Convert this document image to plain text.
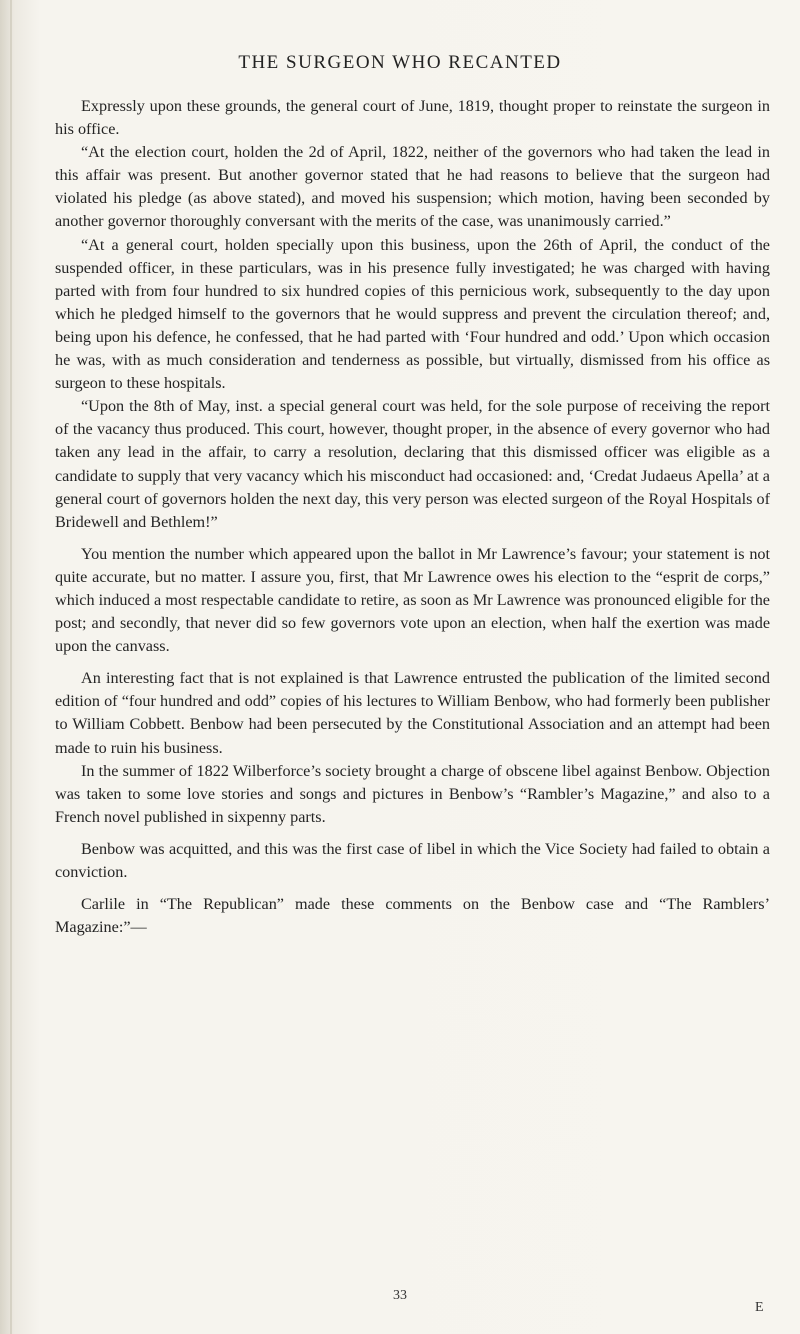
THE SURGEON WHO RECANTED

Expressly upon these grounds, the general court of June, 1819, thought proper to reinstate the surgeon in his office.

“At the election court, holden the 2d of April, 1822, neither of the governors who had taken the lead in this affair was present. But another governor stated that he had reasons to believe that the surgeon had violated his pledge (as above stated), and moved his suspension; which motion, having been seconded by another governor thoroughly conversant with the merits of the case, was unanimously carried.”

“At a general court, holden specially upon this business, upon the 26th of April, the conduct of the suspended officer, in these particulars, was in his presence fully investigated; he was charged with having parted with from four hundred to six hundred copies of this pernicious work, subsequently to the day upon which he pledged himself to the governors that he would suppress and prevent the circulation thereof; and, being upon his defence, he confessed, that he had parted with ‘Four hundred and odd.’ Upon which occasion he was, with as much consideration and tenderness as possible, but virtually, dismissed from his office as surgeon to these hospitals.

“Upon the 8th of May, inst. a special general court was held, for the sole purpose of receiving the report of the vacancy thus produced. This court, however, thought proper, in the absence of every governor who had taken any lead in the affair, to carry a resolution, declaring that this dismissed officer was eligible as a candidate to supply that very vacancy which his misconduct had occasioned: and, ‘Credat Judaeus Apella’ at a general court of governors holden the next day, this very person was elected surgeon of the Royal Hospitals of Bridewell and Bethlem!”

You mention the number which appeared upon the ballot in Mr Lawrence’s favour; your statement is not quite accurate, but no matter. I assure you, first, that Mr Lawrence owes his election to the “esprit de corps,” which induced a most respectable candidate to retire, as soon as Mr Lawrence was pronounced eligible for the post; and secondly, that never did so few governors vote upon an election, when half the exertion was made upon the canvass.

An interesting fact that is not explained is that Lawrence entrusted the publication of the limited second edition of “four hundred and odd” copies of his lectures to William Benbow, who had formerly been publisher to William Cobbett. Benbow had been persecuted by the Constitutional Association and an attempt had been made to ruin his business.

In the summer of 1822 Wilberforce’s society brought a charge of obscene libel against Benbow. Objection was taken to some love stories and songs and pictures in Benbow’s “Rambler’s Magazine,” and also to a French novel published in sixpenny parts.

Benbow was acquitted, and this was the first case of libel in which the Vice Society had failed to obtain a conviction.

Carlile in “The Republican” made these comments on the Benbow case and “The Ramblers’ Magazine:”—

33
E
